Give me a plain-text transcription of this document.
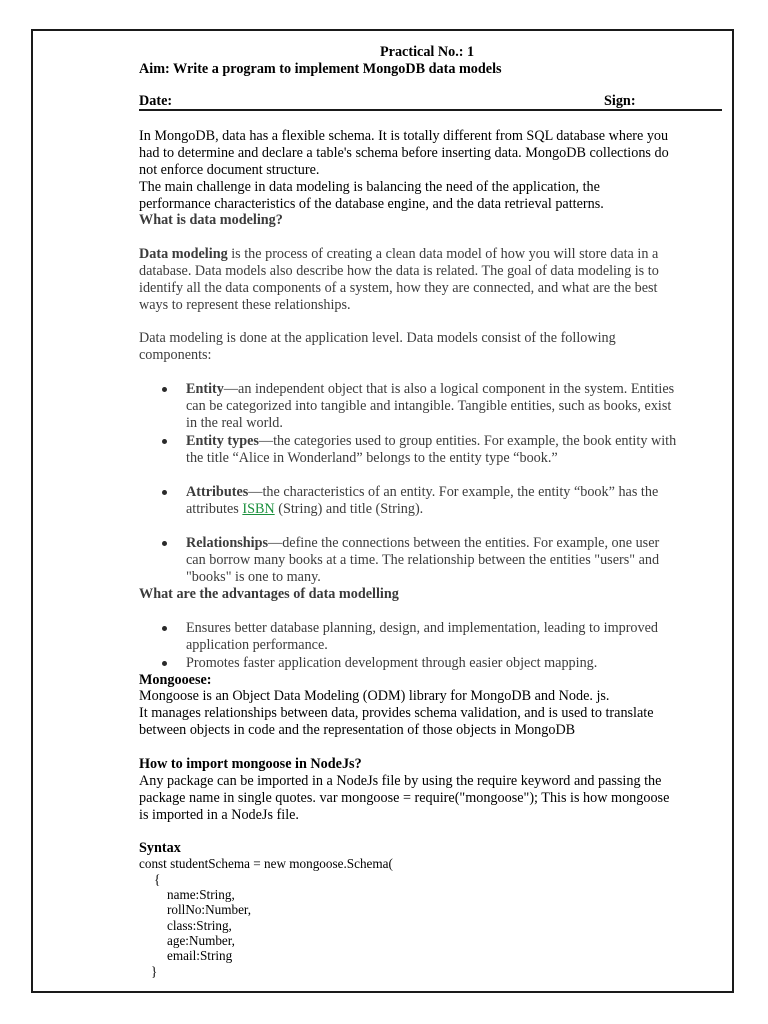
Practical No.: 1
Aim: Write a program to implement MongoDB data models
Date:	Sign:
In MongoDB, data has a flexible schema. It is totally different from SQL database where you
had to determine and declare a table's schema before inserting data. MongoDB collections do
not enforce document structure.
The main challenge in data modeling is balancing the need of the application, the
performance characteristics of the database engine, and the data retrieval patterns.
What is data modeling?
Data modeling is the process of creating a clean data model of how you will store data in a
database. Data models also describe how the data is related. The goal of data modeling is to
identify all the data components of a system, how they are connected, and what are the best
ways to represent these relationships.
Data modeling is done at the application level. Data models consist of the following
components:
Entity—an independent object that is also a logical component in the system. Entities
can be categorized into tangible and intangible. Tangible entities, such as books, exist
in the real world.
Entity types—the categories used to group entities. For example, the book entity with
the title “Alice in Wonderland” belongs to the entity type “book.”
Attributes—the characteristics of an entity. For example, the entity “book” has the
attributes ISBN (String) and title (String).
Relationships—define the connections between the entities. For example, one user
can borrow many books at a time. The relationship between the entities "users" and
"books" is one to many.
What are the advantages of data modelling
Ensures better database planning, design, and implementation, leading to improved
application performance.
Promotes faster application development through easier object mapping.
Mongooese:
Mongoose is an Object Data Modeling (ODM) library for MongoDB and Node. js.
It manages relationships between data, provides schema validation, and is used to translate
between objects in code and the representation of those objects in MongoDB
How to import mongoose in NodeJs?
Any package can be imported in a NodeJs file by using the require keyword and passing the
package name in single quotes. var mongoose = require("mongoose"); This is how mongoose
is imported in a NodeJs file.
Syntax
const studentSchema = new mongoose.Schema(
{
name:String,
rollNo:Number,
class:String,
age:Number,
email:String
}
